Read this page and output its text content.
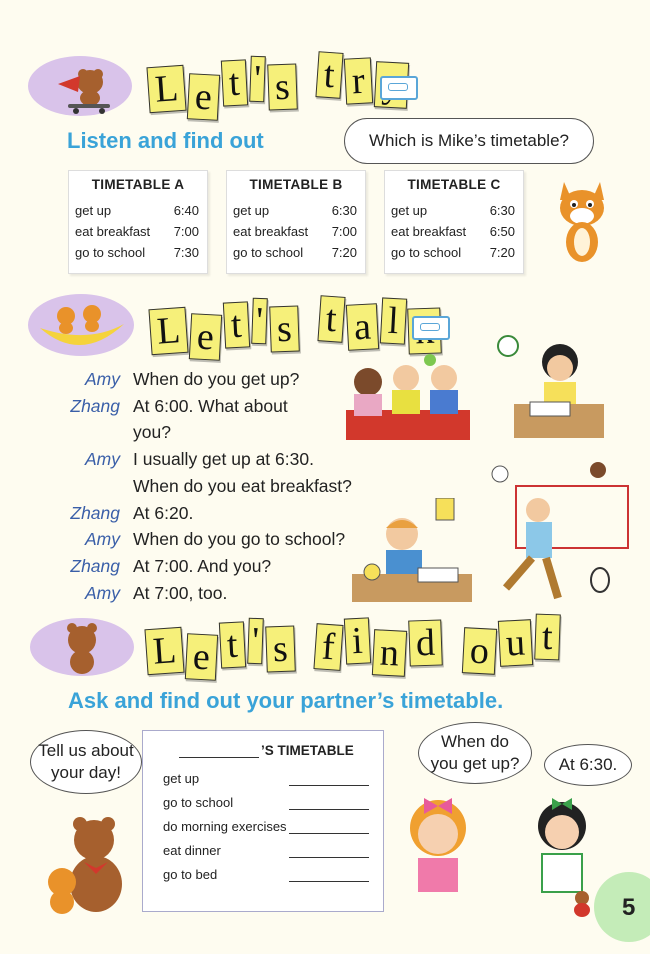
L e t ' s t r
Listen and find out	Which is Mike’s timetable?
TIMETABLE A
get up	6:40
eat breakfast 7:00
go to school 7:30
TIMETABLE B
get up	6:30
eat breakfast 7:00
go to school 7:20
TIMETABLE C
get up	6:30
eat breakfast 6:50
go to school 7:20
L e t ' s t a l
Amy When do you get up?
Zhang At 6:00. What about
you?
Amy I usually get up at 6:30.
When do you eat breakfast?
Zhang At 6:20.
Amy When do you go to school?
Zhang At 7:00. And you?
Amy At 7:00, too.
L e t ' s f i n d o u t
Ask and find out your partner’s timetable.
Tell us about your day!
When do you get up?	At 6:30.
’S TIMETABLE
get up
go to school
do morning exercises
eat dinner
go to bed
5
